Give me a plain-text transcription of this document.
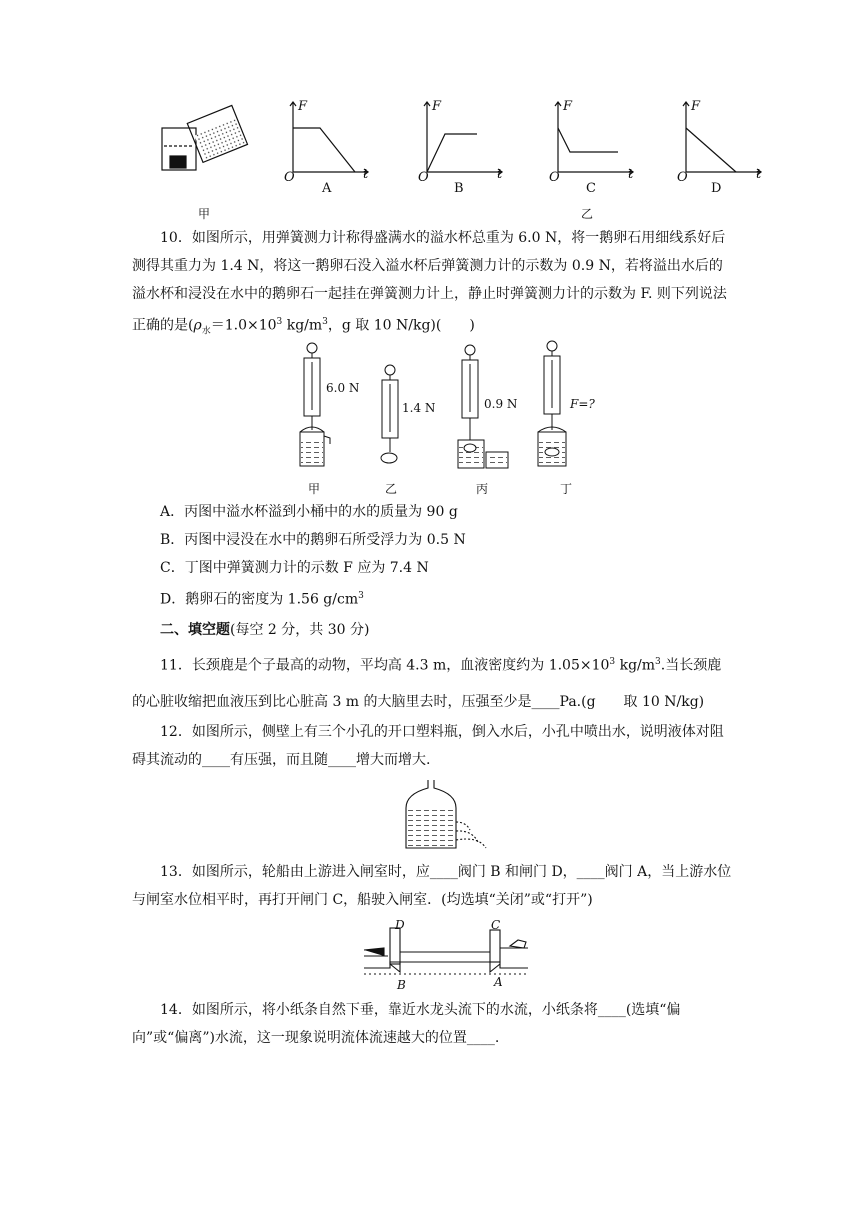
F
O	t
A
F
O	t
B
F
O	t
C
F
O	t
D
甲	乙

10．如图所示，用弹簧测力计称得盛满水的溢水杯总重为 6.0 N，将一鹅卵石用细线系好后测得其重力为 1.4 N，将这一鹅卵石没入溢水杯后弹簧测力计的示数为 0.9 N，若将溢出水后的溢水杯和浸没在水中的鹅卵石一起挂在弹簧测力计上，静止时弹簧测力计的示数为 F. 则下列说法正确的是($\rho_水=1.0\times 10^3$ $kg/m^3$，g 取 10 N/kg)(　　)

6.0 N
1.4 N	0.9 N	F=?
甲	乙	丙	丁

A．丙图中溢水杯溢到小桶中的水的质量为 90 g

B．丙图中浸没在水中的鹅卵石所受浮力为 0.5 N

C．丁图中弹簧测力计的示数 F 应为 7.4 N

D．鹅卵石的密度为 1.56 $g/cm^3$

二、填空题(每空 2 分，共 30 分)

11．长颈鹿是个子最高的动物，平均高 4.3 m，血液密度约为 $1.05\times 10^3$ $kg/m^3$.当长颈鹿

的心脏收缩把血液压到比心脏高 3 m 的大脑里去时，压强至少是____Pa.(g　　取 10 N/kg)

12．如图所示，侧壁上有三个小孔的开口塑料瓶，倒入水后，小孔中喷出水，说明液体对阻碍其流动的____有压强，而且随____增大而增大.

13．如图所示，轮船由上游进入闸室时，应____阀门 B 和闸门 D，____阀门 A，当上游水位与闸室水位相平时，再打开闸门 C，船驶入闸室．(均选填“关闭”或“打开”)

D	C
B	A

14．如图所示，将小纸条自然下垂，靠近水龙头流下的水流，小纸条将____(选填“偏向”或“偏离”)水流，这一现象说明流体流速越大的位置____.
